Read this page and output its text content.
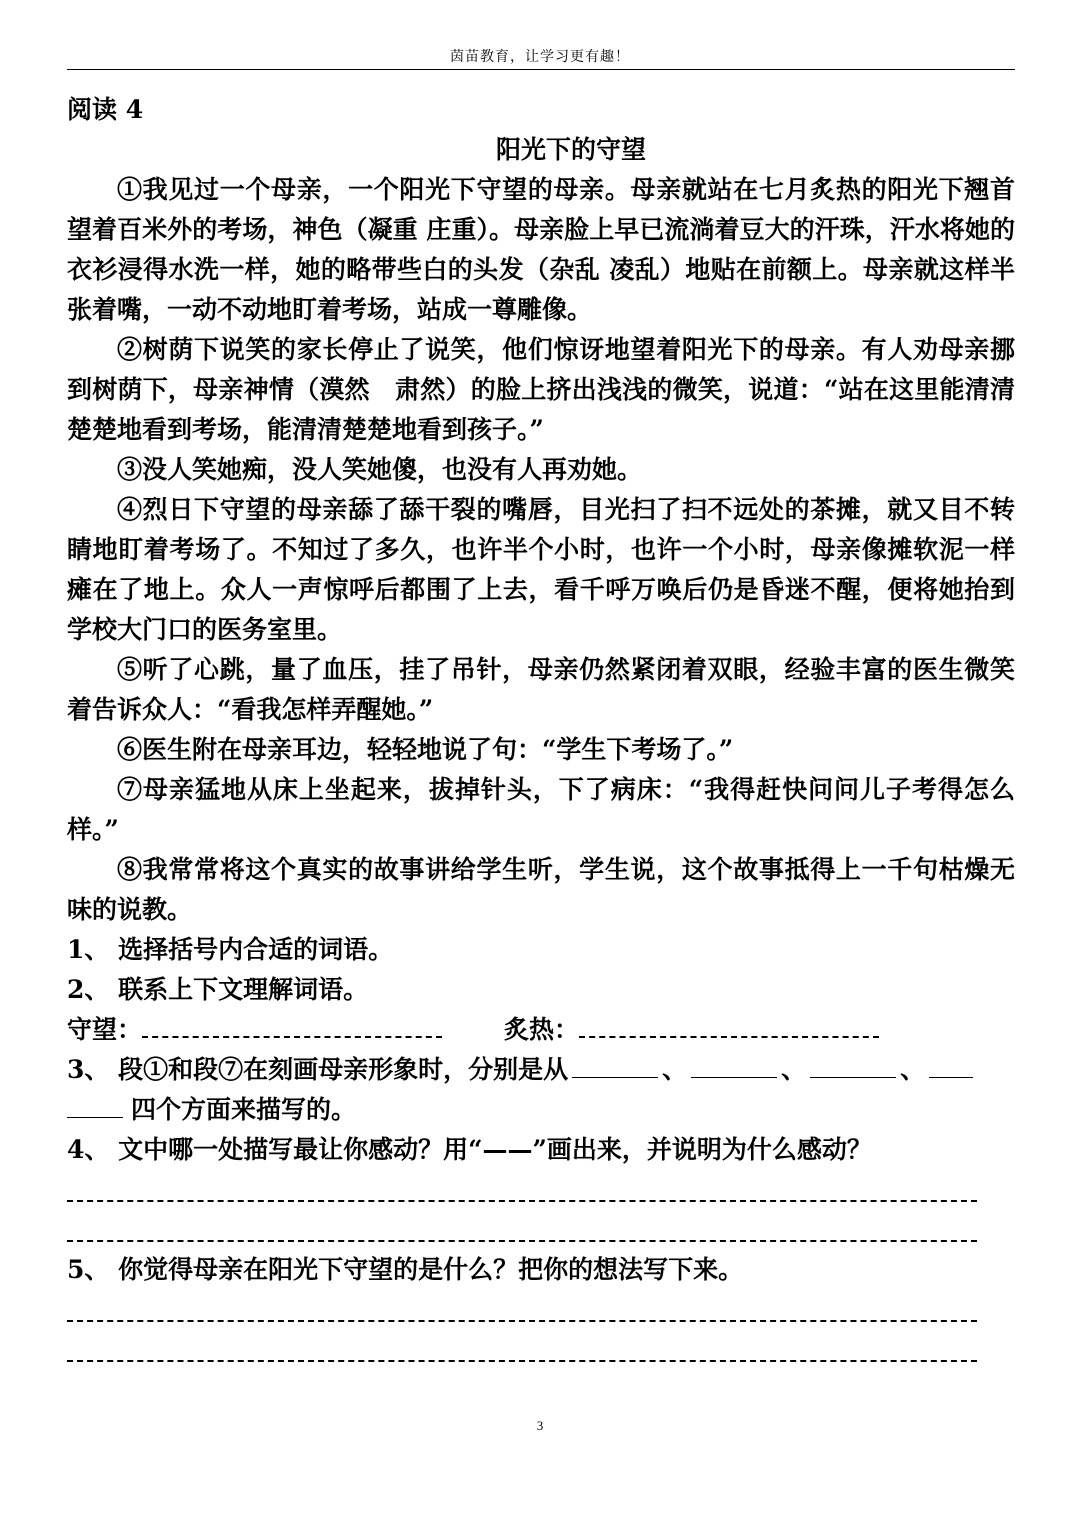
茵苗教育，让学习更有趣！

阅读 4

阳光下的守望

①我见过一个母亲，一个阳光下守望的母亲。母亲就站在七月炙热的阳光下翘首望着百米外的考场，神色（凝重 庄重）。母亲脸上早已流淌着豆大的汗珠，汗水将她的衣衫浸得水洗一样，她的略带些白的头发（杂乱 凌乱）地贴在前额上。母亲就这样半张着嘴，一动不动地盯着考场，站成一尊雕像。

②树荫下说笑的家长停止了说笑，他们惊讶地望着阳光下的母亲。有人劝母亲挪到树荫下，母亲神情（漠然　肃然）的脸上挤出浅浅的微笑，说道：“站在这里能清清楚楚地看到考场，能清清楚楚地看到孩子。”

③没人笑她痴，没人笑她傻，也没有人再劝她。

④烈日下守望的母亲舔了舔干裂的嘴唇，目光扫了扫不远处的茶摊，就又目不转睛地盯着考场了。不知过了多久，也许半个小时，也许一个小时，母亲像摊软泥一样瘫在了地上。众人一声惊呼后都围了上去，看千呼万唤后仍是昏迷不醒，便将她抬到学校大门口的医务室里。

⑤听了心跳，量了血压，挂了吊针，母亲仍然紧闭着双眼，经验丰富的医生微笑着告诉众人：“看我怎样弄醒她。”

⑥医生附在母亲耳边，轻轻地说了句：“学生下考场了。”

⑦母亲猛地从床上坐起来，拔掉针头，下了病床：“我得赶快问问儿子考得怎么样。”

⑧我常常将这个真实的故事讲给学生听，学生说，这个故事抵得上一千句枯燥无味的说教。

1、 选择括号内合适的词语。

2、 联系上下文理解词语。

守望：	炙热：

3、 段①和段⑦在刻画母亲形象时，分别是从	、	、	、

四个方面来描写的。

4、 文中哪一处描写最让你感动？用“——”画出来，并说明为什么感动？

5、 你觉得母亲在阳光下守望的是什么？把你的想法写下来。

3
